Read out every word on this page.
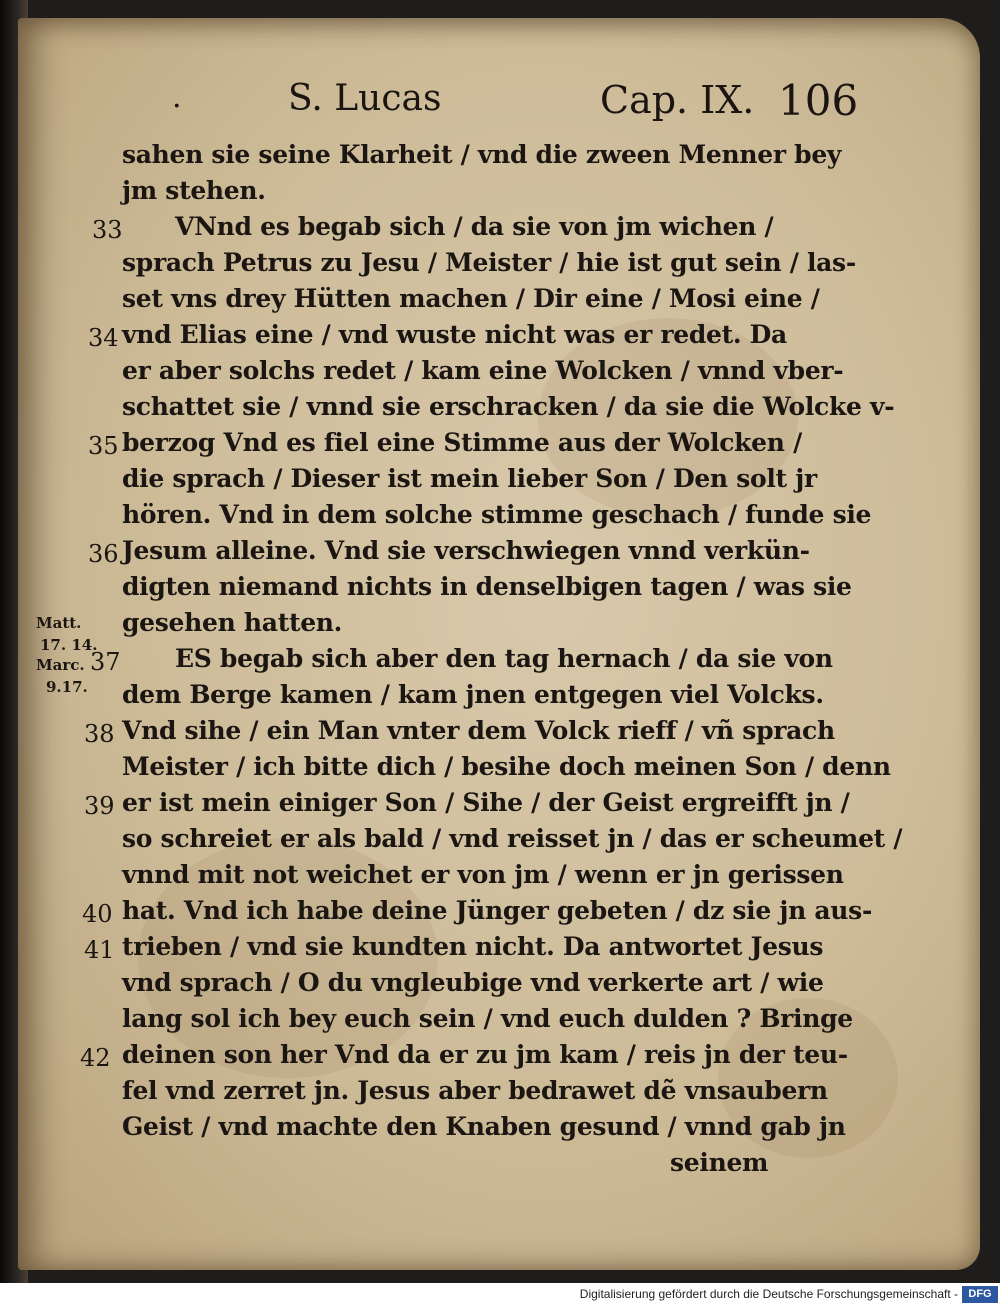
.	S. Lucas	Cap. IX. 106
sahen sie seine Klarheit / vnd die zween Menner bey
jm stehen.
VNnd es begab sich / da sie von jm wichen /
sprach Petrus zu Jesu / Meister / hie ist gut sein / las-
set vns drey Hütten machen / Dir eine / Mosi eine /
vnd Elias eine / vnd wuste nicht was er redet. Da
er aber solchs redet / kam eine Wolcken / vnnd vber-
schattet sie / vnnd sie erschracken / da sie die Wolcke v-
berzog Vnd es fiel eine Stimme aus der Wolcken /
die sprach / Dieser ist mein lieber Son / Den solt jr
hören. Vnd in dem solche stimme geschach / funde sie
Jesum alleine. Vnd sie verschwiegen vnnd verkün-
digten niemand nichts in denselbigen tagen / was sie
gesehen hatten.
ES begab sich aber den tag hernach / da sie von
dem Berge kamen / kam jnen entgegen viel Volcks.
Vnd sihe / ein Man vnter dem Volck rieff / vñ sprach
Meister / ich bitte dich / besihe doch meinen Son / denn
er ist mein einiger Son / Sihe / der Geist ergreifft jn /
so schreiet er als bald / vnd reisset jn / das er scheumet /
vnnd mit not weichet er von jm / wenn er jn gerissen
hat. Vnd ich habe deine Jünger gebeten / dz sie jn aus-
trieben / vnd sie kundten nicht. Da antwortet Jesus
vnd sprach / O du vngleubige vnd verkerte art / wie
lang sol ich bey euch sein / vnd euch dulden ? Bringe
deinen son her Vnd da er zu jm kam / reis jn der teu-
fel vnd zerret jn. Jesus aber bedrawet dẽ vnsaubern
Geist / vnd machte den Knaben gesund / vnnd gab jn
seinem
33
34
35
36
37
38
39
40
41
42
Matt.
17. 14.
Marc.
9.17.
Digitalisierung gefördert durch die Deutsche Forschungsgemeinschaft - DFG
